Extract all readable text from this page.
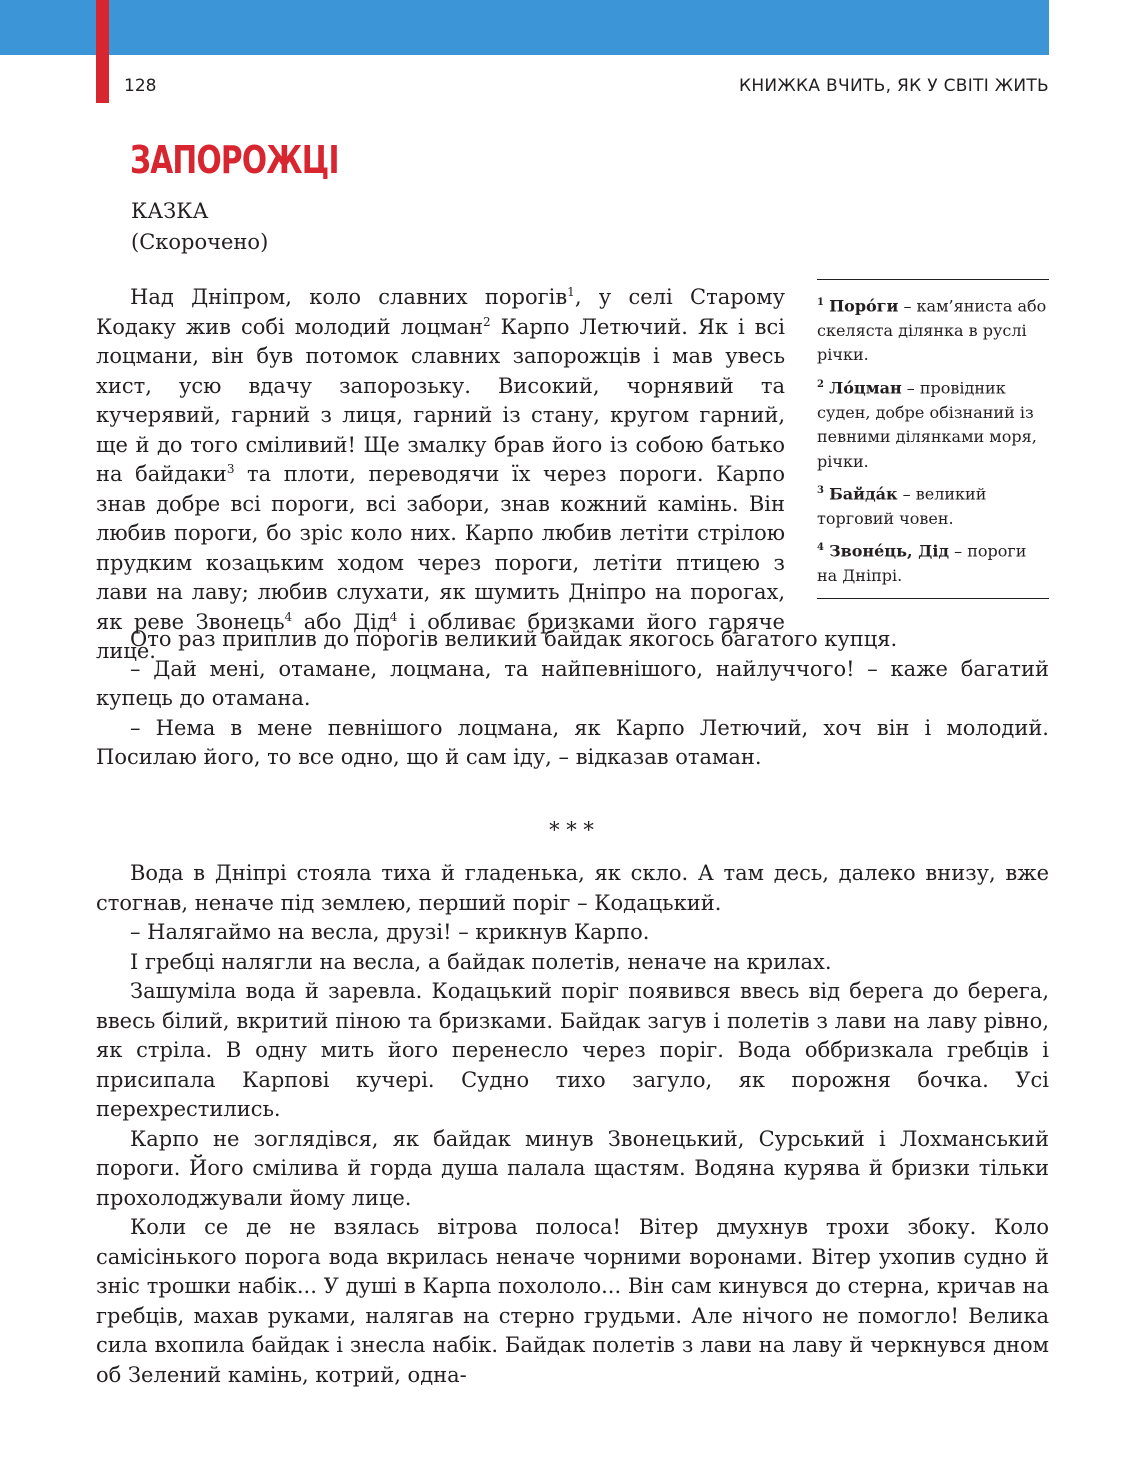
128	КНИЖКА ВЧИТЬ, ЯК У СВІТІ ЖИТЬ
ЗАПОРОЖЦІ
КАЗКА
(Скорочено)
$^1$ Поро́ги – кам’яниста або скеляста ділянка в руслі річки.
$^2$ Ло́цман – провідник суден, добре обізнаний із певними ділянками моря, річки.
$^3$ Байда́к – великий торговий човен.
$^4$ Звоне́ць, Дід – пороги на Дніпрі.

Над Дніпром, коло славних порогів$^1$, у селі Старому Кодаку жив собі молодий лоцман$^2$ Карпо Летючий. Як і всі лоцмани, він був потомок славних запорожців і мав увесь хист, усю вдачу запорозьку. Високий, чорнявий та кучерявий, гарний з лиця, гарний із стану, кругом гарний, ще й до того сміливий! Ще змалку брав його із собою батько на байдаки$^3$ та плоти, переводячи їх через пороги. Карпо знав добре всі пороги, всі забори, знав кожний камінь. Він любив пороги, бо зріс коло них. Карпо любив летіти стрілою прудким козацьким ходом через пороги, летіти птицею з лави на лаву; любив слухати, як шумить Дніпро на порогах, як реве Звонець$^4$ або Дід$^4$ і обливає бризками його гаряче лице.

Ото раз приплив до порогів великий байдак якогось багатого купця.

– Дай мені, отамане, лоцмана, та найпевнішого, найлуччого! – каже багатий купець до отамана.

– Нема в мене певнішого лоцмана, як Карпо Летючий, хоч він і молодий. Посилаю його, то все одно, що й сам іду, – відказав отаман.

* * *

Вода в Дніпрі стояла тиха й гладенька, як скло. А там десь, далеко внизу, вже стогнав, неначе під землею, перший поріг – Кодацький.

– Налягаймо на весла, друзі! – крикнув Карпо.

І гребці налягли на весла, а байдак полетів, неначе на крилах.

Зашуміла вода й заревла. Кодацький поріг появився ввесь від берега до берега, ввесь білий, вкритий піною та бризками. Байдак загув і полетів з лави на лаву рівно, як стріла. В одну мить його перенесло через поріг. Вода оббризкала гребців і присипала Карпові кучері. Судно тихо загуло, як порожня бочка. Усі перехрестились.

Карпо не зоглядівся, як байдак минув Звонецький, Сурський і Лохманський пороги. Його смілива й горда душа палала щастям. Водяна курява й бризки тільки прохолоджували йому лице.

Коли се де не взялась вітрова полоса! Вітер дмухнув трохи збоку. Коло самісінького порога вода вкрилась неначе чорними воронами. Вітер ухопив судно й зніс трошки набік... У душі в Карпа похололо... Він сам кинувся до стерна, кричав на гребців, махав руками, налягав на стерно грудьми. Але нічого не помогло! Велика сила вхопила байдак і знесла набік. Байдак полетів з лави на лаву й черкнувся дном об Зелений камінь, котрий, одна-
